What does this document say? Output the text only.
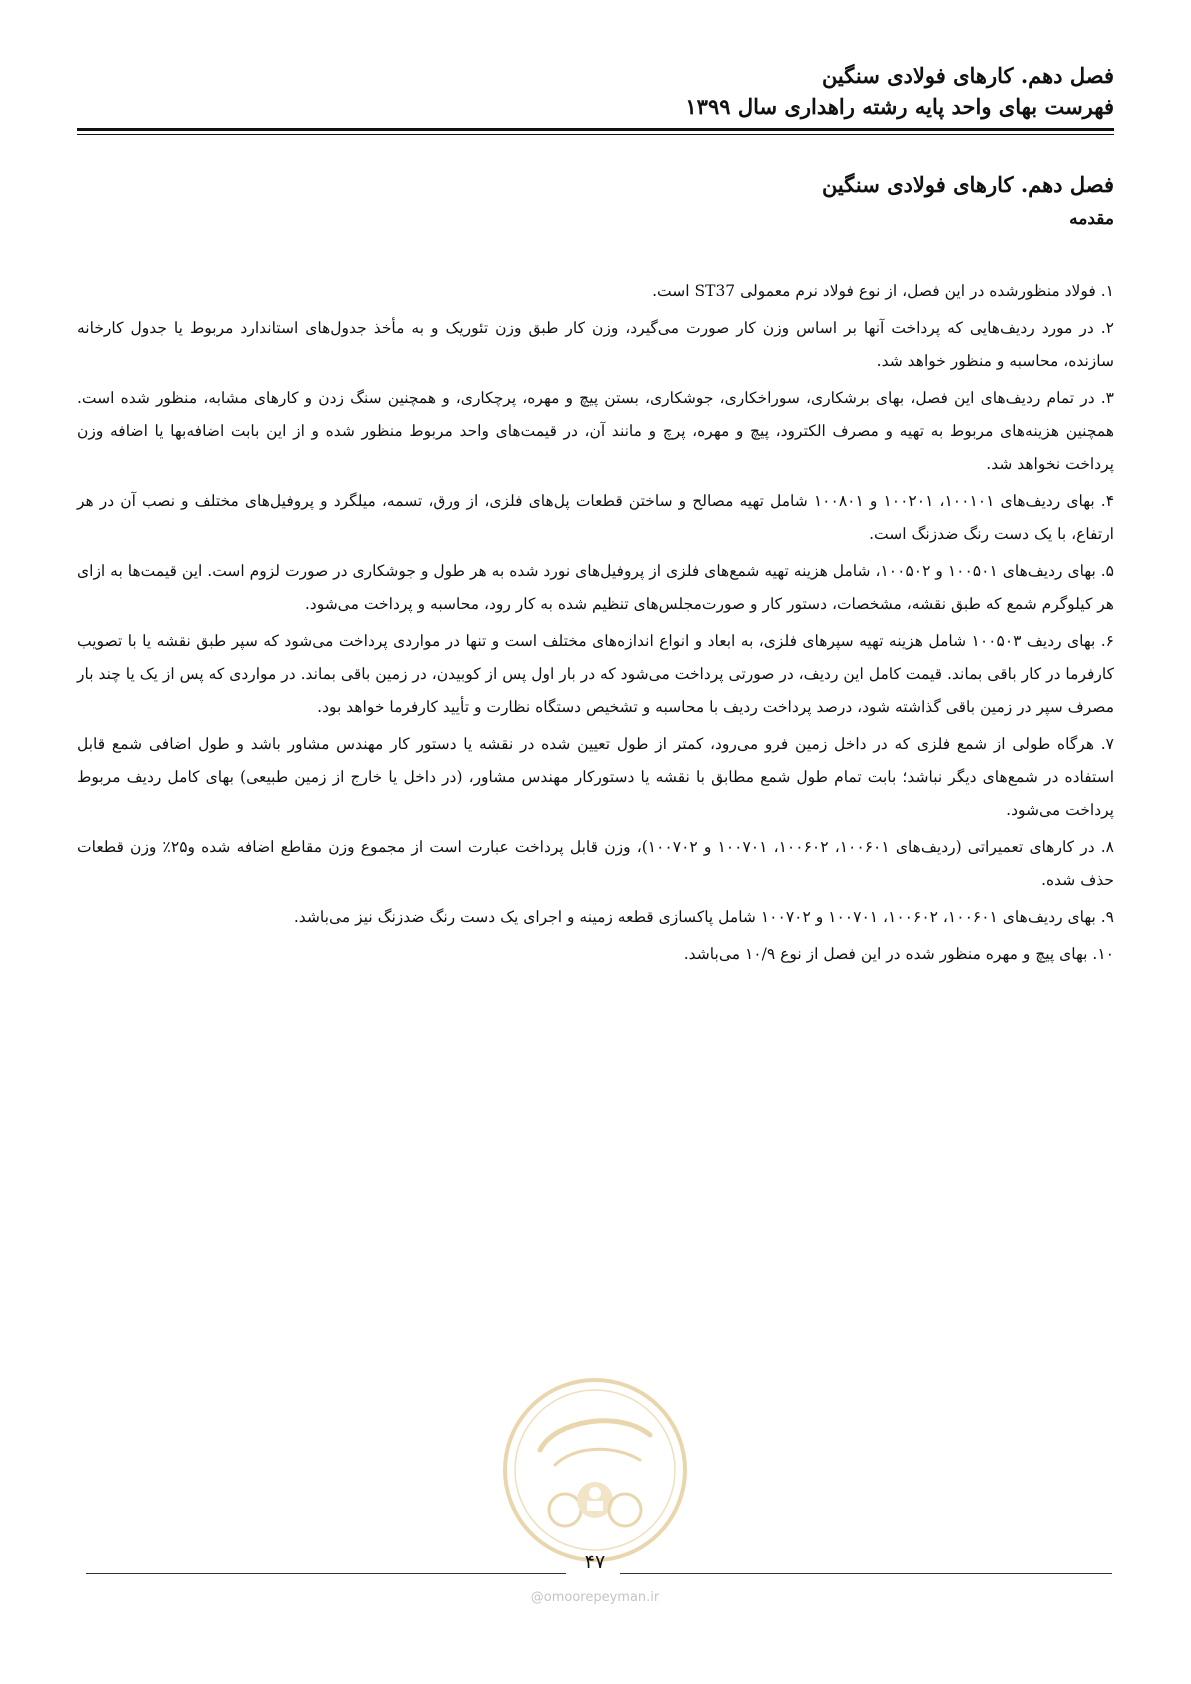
فصل دهم. کارهای فولادی سنگین
فهرست بهای واحد پایه رشته راهداری سال ۱۳۹۹
فصل دهم. کارهای فولادی سنگین
مقدمه

۱. فولاد منظورشده در این فصل، از نوع فولاد نرم معمولی ST37 است.

۲. در مورد ردیف‌هایی که پرداخت آنها بر اساس وزن کار صورت می‌گیرد، وزن کار طبق وزن تئوریک و به مأخذ جدول‌های استاندارد مربوط یا جدول کارخانه سازنده، محاسبه و منظور خواهد شد.

۳. در تمام ردیف‌های این فصل، بهای برشکاری، سوراخکاری، جوشکاری، بستن پیچ و مهره، پرچکاری، و همچنین سنگ زدن و کارهای مشابه، منظور شده است. همچنین هزینه‌های مربوط به تهیه و مصرف الکترود، پیچ و مهره، پرچ و مانند آن، در قیمت‌های واحد مربوط منظور شده و از این بابت اضافه‌بها یا اضافه وزن پرداخت نخواهد شد.

۴. بهای ردیف‌های ۱۰۰۱۰۱، ۱۰۰۲۰۱ و ۱۰۰۸۰۱ شامل تهیه مصالح و ساختن قطعات پل‌های فلزی، از ورق، تسمه، میلگرد و پروفیل‌های مختلف و نصب آن در هر ارتفاع، با یک دست رنگ ضدزنگ است.

۵. بهای ردیف‌های ۱۰۰۵۰۱ و ۱۰۰۵۰۲، شامل هزینه تهیه شمع‌های فلزی از پروفیل‌های نورد شده به هر طول و جوشکاری در صورت لزوم است. این قیمت‌ها به ازای هر کیلوگرم شمع که طبق نقشه، مشخصات، دستور کار و صورت‌مجلس‌های تنظیم شده به کار رود، محاسبه و پرداخت می‌شود.

۶. بهای ردیف ۱۰۰۵۰۳ شامل هزینه تهیه سپرهای فلزی، به ابعاد و انواع اندازه‌های مختلف است و تنها در مواردی پرداخت می‌شود که سپر طبق نقشه یا با تصویب کارفرما در کار باقی بماند. قیمت کامل این ردیف، در صورتی پرداخت می‌شود که در بار اول پس از کوبیدن، در زمین باقی بماند. در مواردی که پس از یک یا چند بار مصرف سپر در زمین باقی گذاشته شود، درصد پرداخت ردیف با محاسبه و تشخیص دستگاه نظارت و تأیید کارفرما خواهد بود.

۷. هرگاه طولی از شمع فلزی که در داخل زمین فرو می‌رود، کمتر از طول تعیین شده در نقشه یا دستور کار مهندس مشاور باشد و طول اضافی شمع قابل استفاده در شمع‌های دیگر نباشد؛ بابت تمام طول شمع مطابق با نقشه یا دستورکار مهندس مشاور، (در داخل یا خارج از زمین طبیعی) بهای کامل ردیف مربوط پرداخت می‌شود.

۸. در کارهای تعمیراتی (ردیف‌های ۱۰۰۶۰۱، ۱۰۰۶۰۲، ۱۰۰۷۰۱ و ۱۰۰۷۰۲)، وزن قابل پرداخت عبارت است از مجموع وزن مقاطع اضافه شده و۲۵٪ وزن قطعات حذف شده.

۹. بهای ردیف‌های ۱۰۰۶۰۱، ۱۰۰۶۰۲، ۱۰۰۷۰۱ و ۱۰۰۷۰۲ شامل پاکسازی قطعه زمینه و اجرای یک دست رنگ ضدزنگ نیز می‌باشد.

۱۰. بهای پیچ و مهره منظور شده در این فصل از نوع ۱۰/۹ می‌باشد.

۴۷
@omoorepeyman.ir
